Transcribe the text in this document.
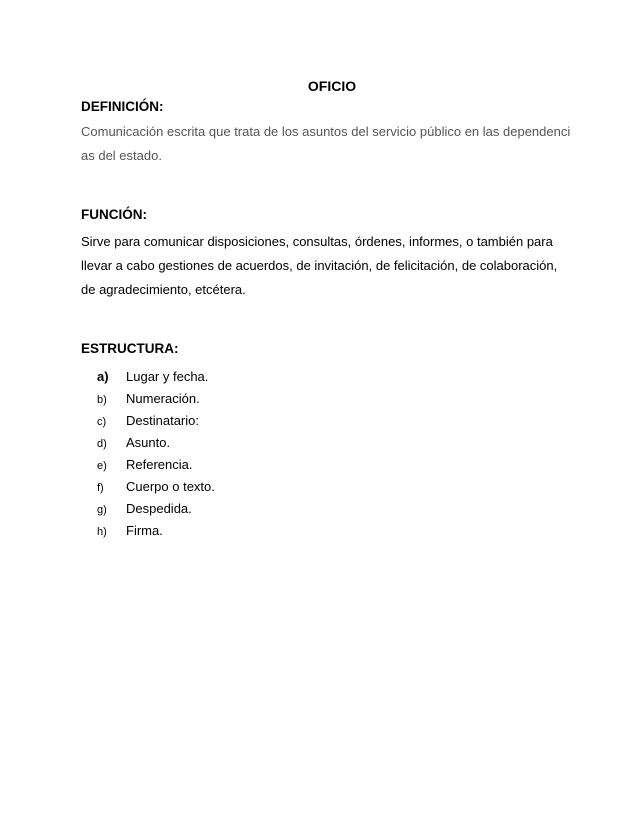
OFICIO
DEFINICIÓN:
Comunicación escrita que trata de los asuntos del servicio público en las dependenci
as del estado.
FUNCIÓN:
Sirve para comunicar disposiciones, consultas, órdenes, informes, o también para
llevar a cabo gestiones de acuerdos, de invitación, de felicitación, de colaboración,
de agradecimiento, etcétera.
ESTRUCTURA:
a) Lugar y fecha.
b) Numeración.
c) Destinatario:
d) Asunto.
e) Referencia.
f) Cuerpo o texto.
g) Despedida.
h) Firma.
